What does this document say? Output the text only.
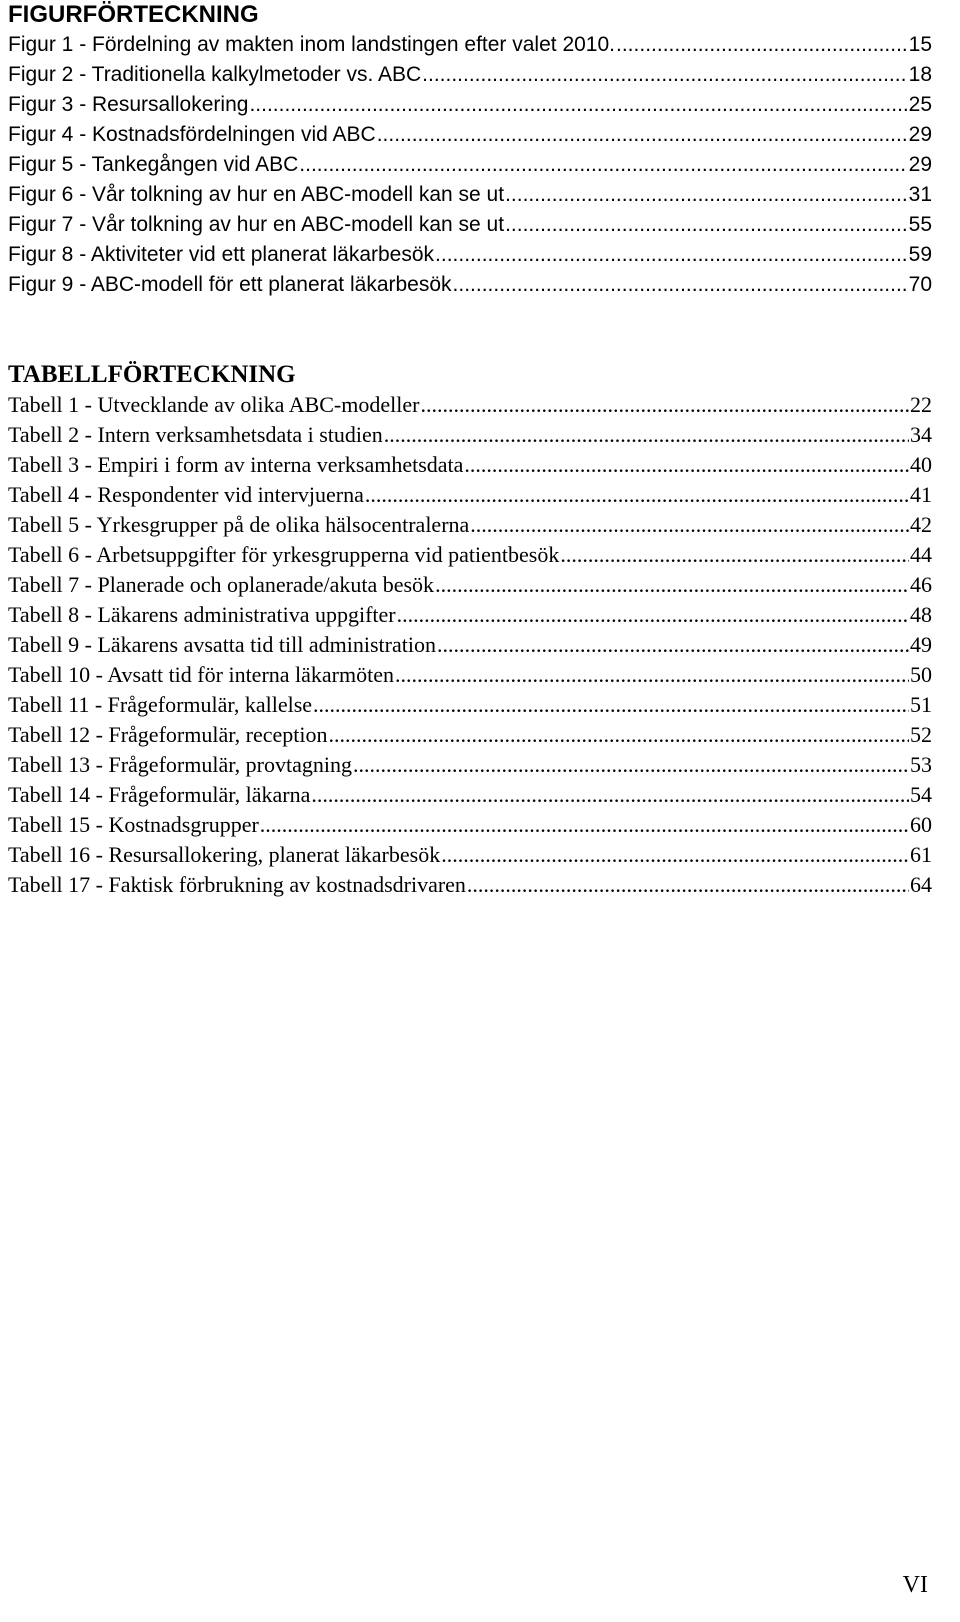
FIGURFÖRTECKNING
Figur 1 - Fördelning av makten inom landstingen efter valet 2010. .....	15
Figur 2 - Traditionella kalkylmetoder vs. ABC .....	18
Figur 3 - Resursallokering .....	25
Figur 4 - Kostnadsfördelningen vid ABC .....	29
Figur 5 - Tankegången vid ABC .....	29
Figur 6 - Vår tolkning av hur en ABC-modell kan se ut .....	31
Figur 7 - Vår tolkning av hur en ABC-modell kan se ut .....	55
Figur 8 - Aktiviteter vid ett planerat läkarbesök .....	59
Figur 9 - ABC-modell för ett planerat läkarbesök .....	70
TABELLFÖRTECKNING
Tabell 1 - Utvecklande av olika ABC-modeller .....	22
Tabell 2 - Intern verksamhetsdata i studien .....	34
Tabell 3 - Empiri i form av interna verksamhetsdata .....	40
Tabell 4 - Respondenter vid intervjuerna .....	41
Tabell 5 - Yrkesgrupper på de olika hälsocentralerna .....	42
Tabell 6 - Arbetsuppgifter för yrkesgrupperna vid patientbesök .....	44
Tabell 7 - Planerade och oplanerade/akuta besök .....	46
Tabell 8 - Läkarens administrativa uppgifter .....	48
Tabell 9 - Läkarens avsatta tid till administration .....	49
Tabell 10 - Avsatt tid för interna läkarmöten .....	50
Tabell 11 - Frågeformulär, kallelse .....	51
Tabell 12 - Frågeformulär, reception .....	52
Tabell 13 - Frågeformulär, provtagning .....	53
Tabell 14 - Frågeformulär, läkarna .....	54
Tabell 15 - Kostnadsgrupper .....	60
Tabell 16 - Resursallokering, planerat läkarbesök .....	61
Tabell 17 - Faktisk förbrukning av kostnadsdrivaren .....	64
VI
